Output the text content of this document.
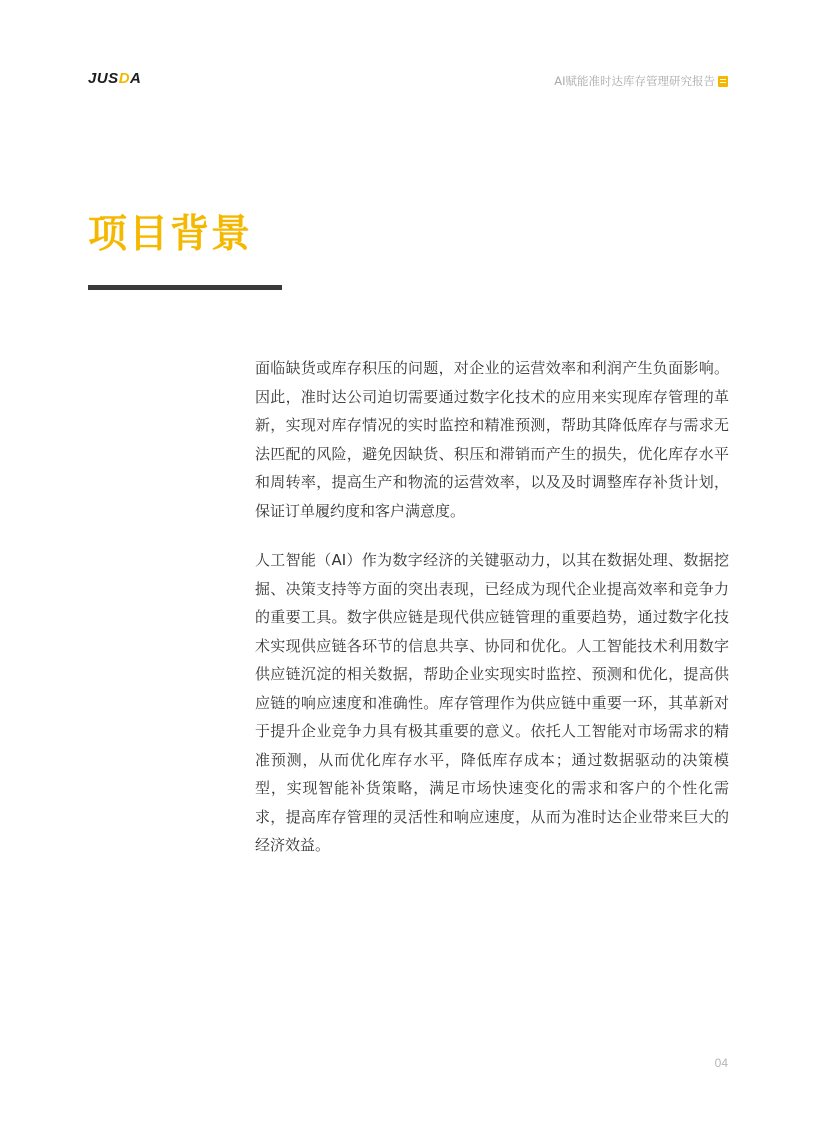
JUSDA	AI赋能准时达库存管理研究报告
项目背景

面临缺货或库存积压的问题，对企业的运营效率和利润产生负面影响。因此，准时达公司迫切需要通过数字化技术的应用来实现库存管理的革新，实现对库存情况的实时监控和精准预测，帮助其降低库存与需求无法匹配的风险，避免因缺货、积压和滞销而产生的损失，优化库存水平和周转率，提高生产和物流的运营效率，以及及时调整库存补货计划，保证订单履约度和客户满意度。

人工智能（AI）作为数字经济的关键驱动力，以其在数据处理、数据挖掘、决策支持等方面的突出表现，已经成为现代企业提高效率和竞争力的重要工具。数字供应链是现代供应链管理的重要趋势，通过数字化技术实现供应链各环节的信息共享、协同和优化。人工智能技术利用数字供应链沉淀的相关数据，帮助企业实现实时监控、预测和优化，提高供应链的响应速度和准确性。库存管理作为供应链中重要一环，其革新对于提升企业竞争力具有极其重要的意义。依托人工智能对市场需求的精准预测，从而优化库存水平，降低库存成本；通过数据驱动的决策模型，实现智能补货策略，满足市场快速变化的需求和客户的个性化需求，提高库存管理的灵活性和响应速度，从而为准时达企业带来巨大的经济效益。

04
